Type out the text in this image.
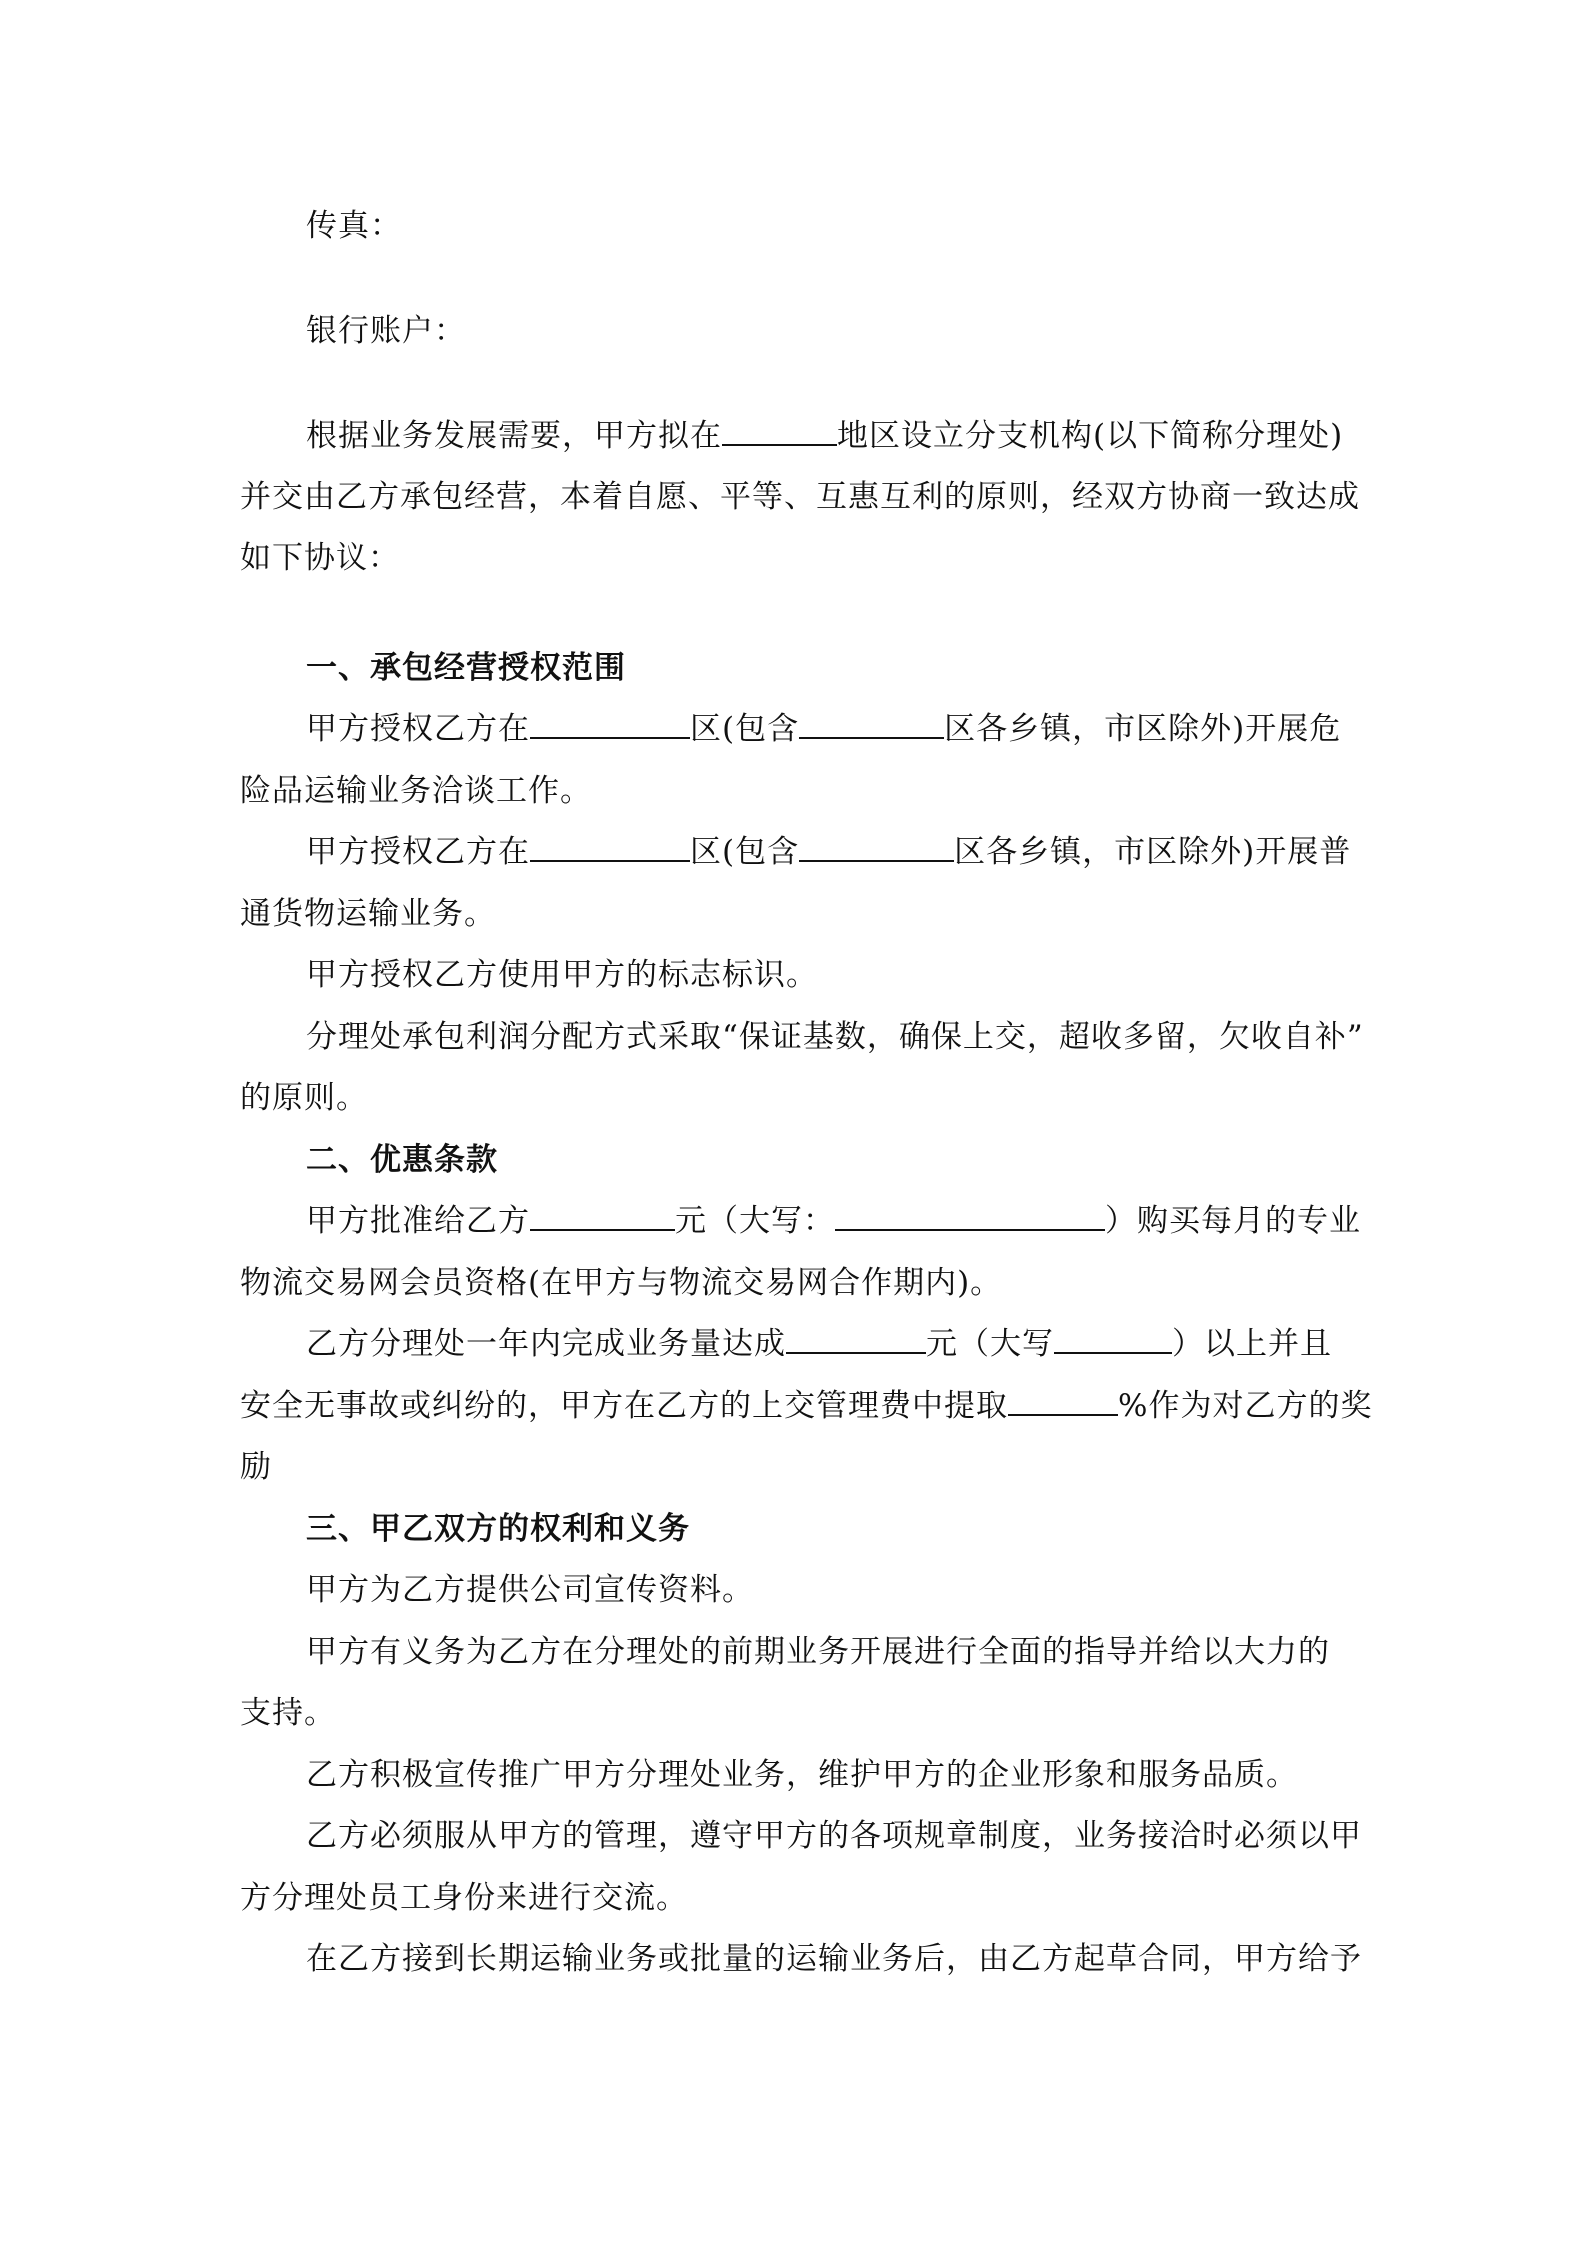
传真：
银行账户：
根据业务发展需要，甲方拟在	地区设立分支机构(以下简称分理处)
并交由乙方承包经营，本着自愿、平等、互惠互利的原则，经双方协商一致达成
如下协议：
一、承包经营授权范围
甲方授权乙方在	区(包含	区各乡镇，市区除外)开展危
险品运输业务洽谈工作。
甲方授权乙方在	区(包含	区各乡镇，市区除外)开展普
通货物运输业务。
甲方授权乙方使用甲方的标志标识。
分理处承包利润分配方式采取“保证基数，确保上交，超收多留，欠收自补”
的原则。
二、优惠条款
甲方批准给乙方	元（大写：	）购买每月的专业
物流交易网会员资格(在甲方与物流交易网合作期内)。
乙方分理处一年内完成业务量达成	元（大写	）以上并且
安全无事故或纠纷的，甲方在乙方的上交管理费中提取	%作为对乙方的奖
励
三、甲乙双方的权利和义务
甲方为乙方提供公司宣传资料。
甲方有义务为乙方在分理处的前期业务开展进行全面的指导并给以大力的
支持。
乙方积极宣传推广甲方分理处业务，维护甲方的企业形象和服务品质。
乙方必须服从甲方的管理，遵守甲方的各项规章制度，业务接洽时必须以甲
方分理处员工身份来进行交流。
在乙方接到长期运输业务或批量的运输业务后，由乙方起草合同，甲方给予
